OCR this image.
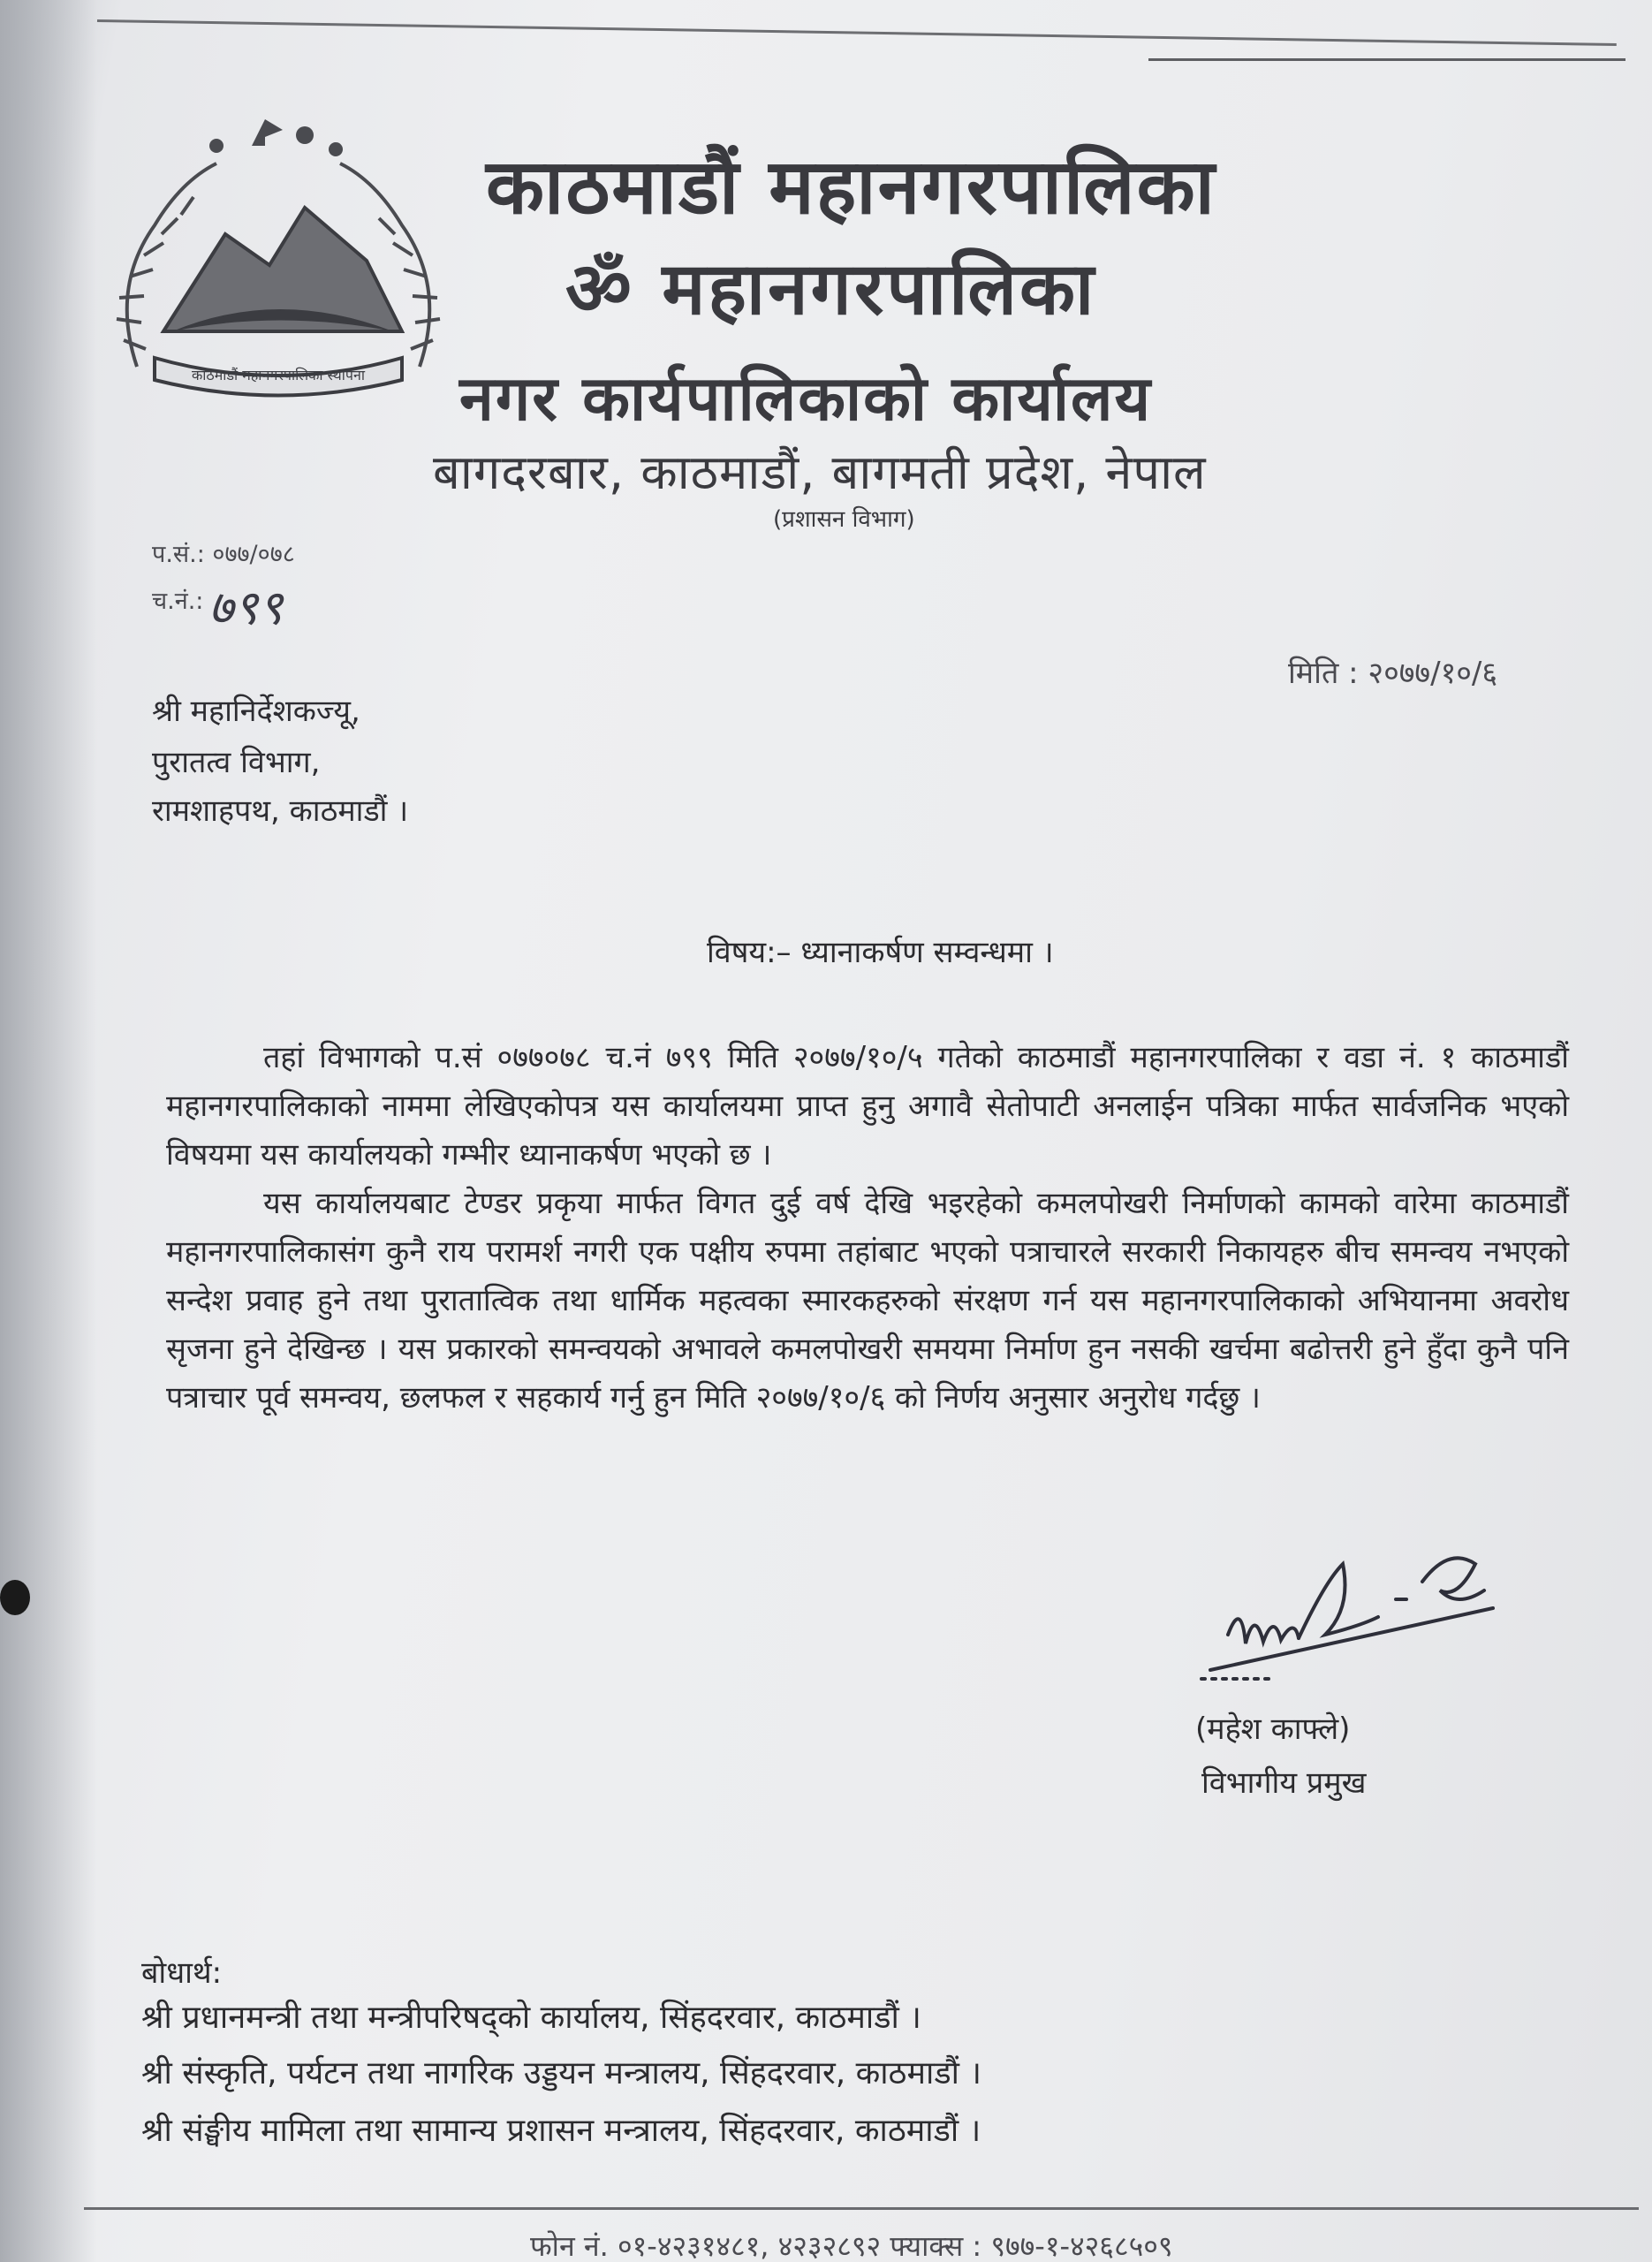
काठमाडौं महानगरपालिका स्थापना
काठमाडौं महानगरपालिका
ॐ महानगरपालिका
नगर कार्यपालिकाको कार्यालय
बागदरबार, काठमाडौं, बागमती प्रदेश, नेपाल
(प्रशासन विभाग)
प.सं.: ०७७/०७८
च.नं.: ७९९
मिति : २०७७/१०/६
श्री महानिर्देशकज्यू,
पुरातत्व विभाग,
रामशाहपथ, काठमाडौं ।
विषय:– ध्यानाकर्षण सम्वन्धमा ।
तहां विभागको प.सं ०७७०७८ च.नं ७९९ मिति २०७७/१०/५ गतेको काठमाडौं महानगरपालिका र वडा नं. १ काठमाडौं महानगरपालिकाको नाममा लेखिएकोपत्र यस कार्यालयमा प्राप्त हुनु अगावै सेतोपाटी अनलाईन पत्रिका मार्फत सार्वजनिक भएको विषयमा यस कार्यालयको गम्भीर ध्यानाकर्षण भएको छ ।
यस कार्यालयबाट टेण्डर प्रकृया मार्फत विगत दुई वर्ष देखि भइरहेको कमलपोखरी निर्माणको कामको वारेमा काठमाडौं महानगरपालिकासंग कुनै राय परामर्श नगरी एक पक्षीय रुपमा तहांबाट भएको पत्राचारले सरकारी निकायहरु बीच समन्वय नभएको सन्देश प्रवाह हुने तथा पुरातात्विक तथा धार्मिक महत्वका स्मारकहरुको संरक्षण गर्न यस महानगरपालिकाको अभियानमा अवरोध सृजना हुने देखिन्छ । यस प्रकारको समन्वयको अभावले कमलपोखरी समयमा निर्माण हुन नसकी खर्चमा बढोत्तरी हुने हुँदा कुनै पनि पत्राचार पूर्व समन्वय, छलफल र सहकार्य गर्नु हुन मिति २०७७/१०/६ को निर्णय अनुसार अनुरोध गर्दछु ।
(महेश काफ्ले)
विभागीय प्रमुख
बोधार्थ:
श्री प्रधानमन्त्री तथा मन्त्रीपरिषद्को कार्यालय, सिंहदरवार, काठमाडौं ।
श्री संस्कृति, पर्यटन तथा नागरिक उड्डयन मन्त्रालय, सिंहदरवार, काठमाडौं ।
श्री संङ्घीय मामिला तथा सामान्य प्रशासन मन्त्रालय, सिंहदरवार, काठमाडौं ।
फोन नं. ०१-४२३१४८१, ४२३२८९२ फ्याक्स : ९७७-१-४२६८५०९
